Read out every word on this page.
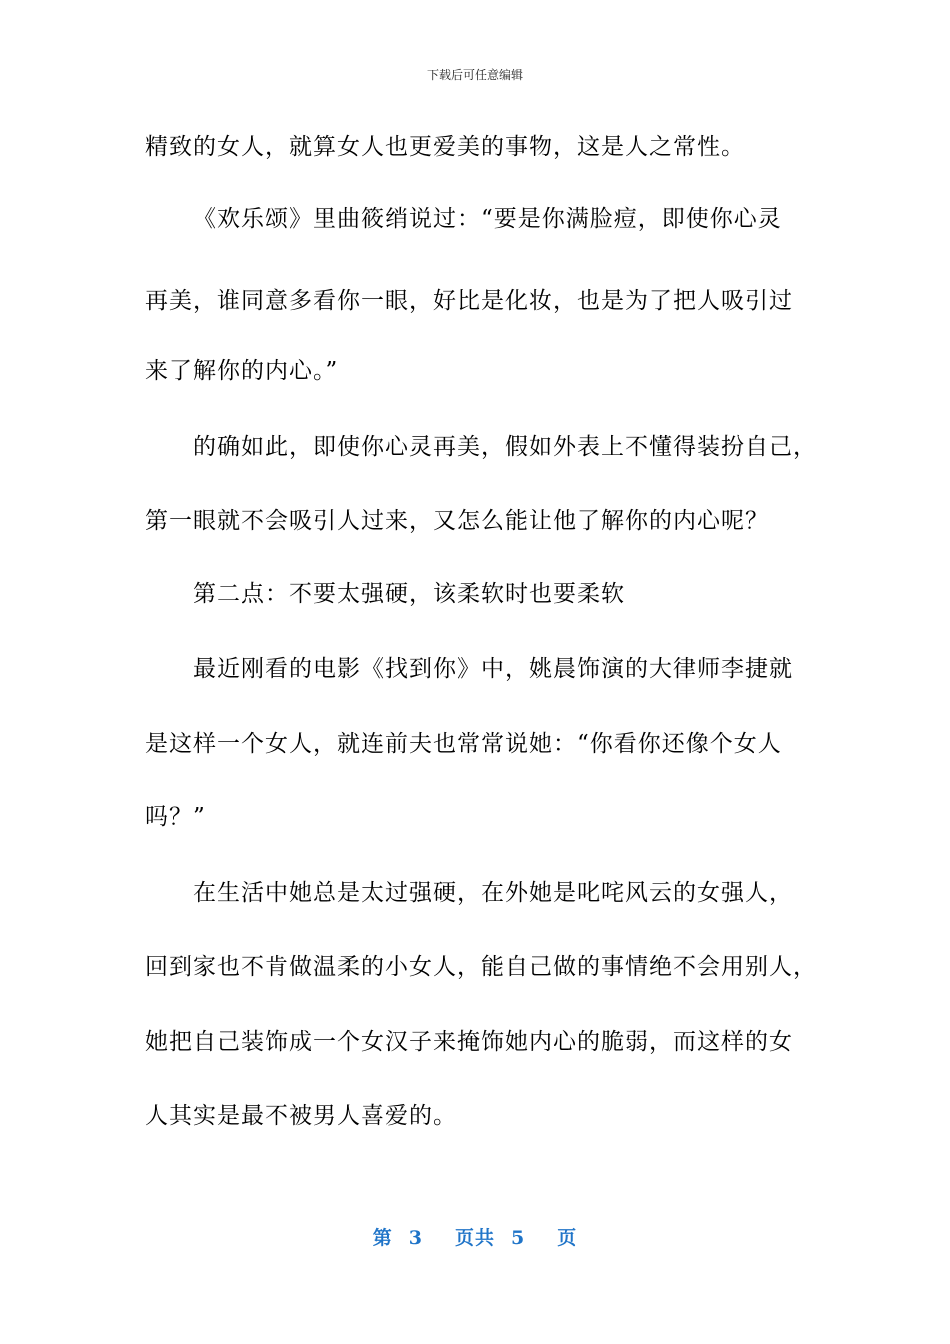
下载后可任意编辑
精致的女人，就算女人也更爱美的事物，这是人之常性。
《欢乐颂》里曲筱绡说过：“要是你满脸痘，即使你心灵
再美，谁同意多看你一眼，好比是化妆，也是为了把人吸引过
来了解你的内心。”
的确如此，即使你心灵再美，假如外表上不懂得装扮自己，
第一眼就不会吸引人过来，又怎么能让他了解你的内心呢？
第二点：不要太强硬，该柔软时也要柔软
最近刚看的电影《找到你》中，姚晨饰演的大律师李捷就
是这样一个女人，就连前夫也常常说她：“你看你还像个女人
吗？”
在生活中她总是太过强硬，在外她是叱咤风云的女强人，
回到家也不肯做温柔的小女人，能自己做的事情绝不会用别人，
她把自己装饰成一个女汉子来掩饰她内心的脆弱，而这样的女
人其实是最不被男人喜爱的。
第 3 页共 5 页
